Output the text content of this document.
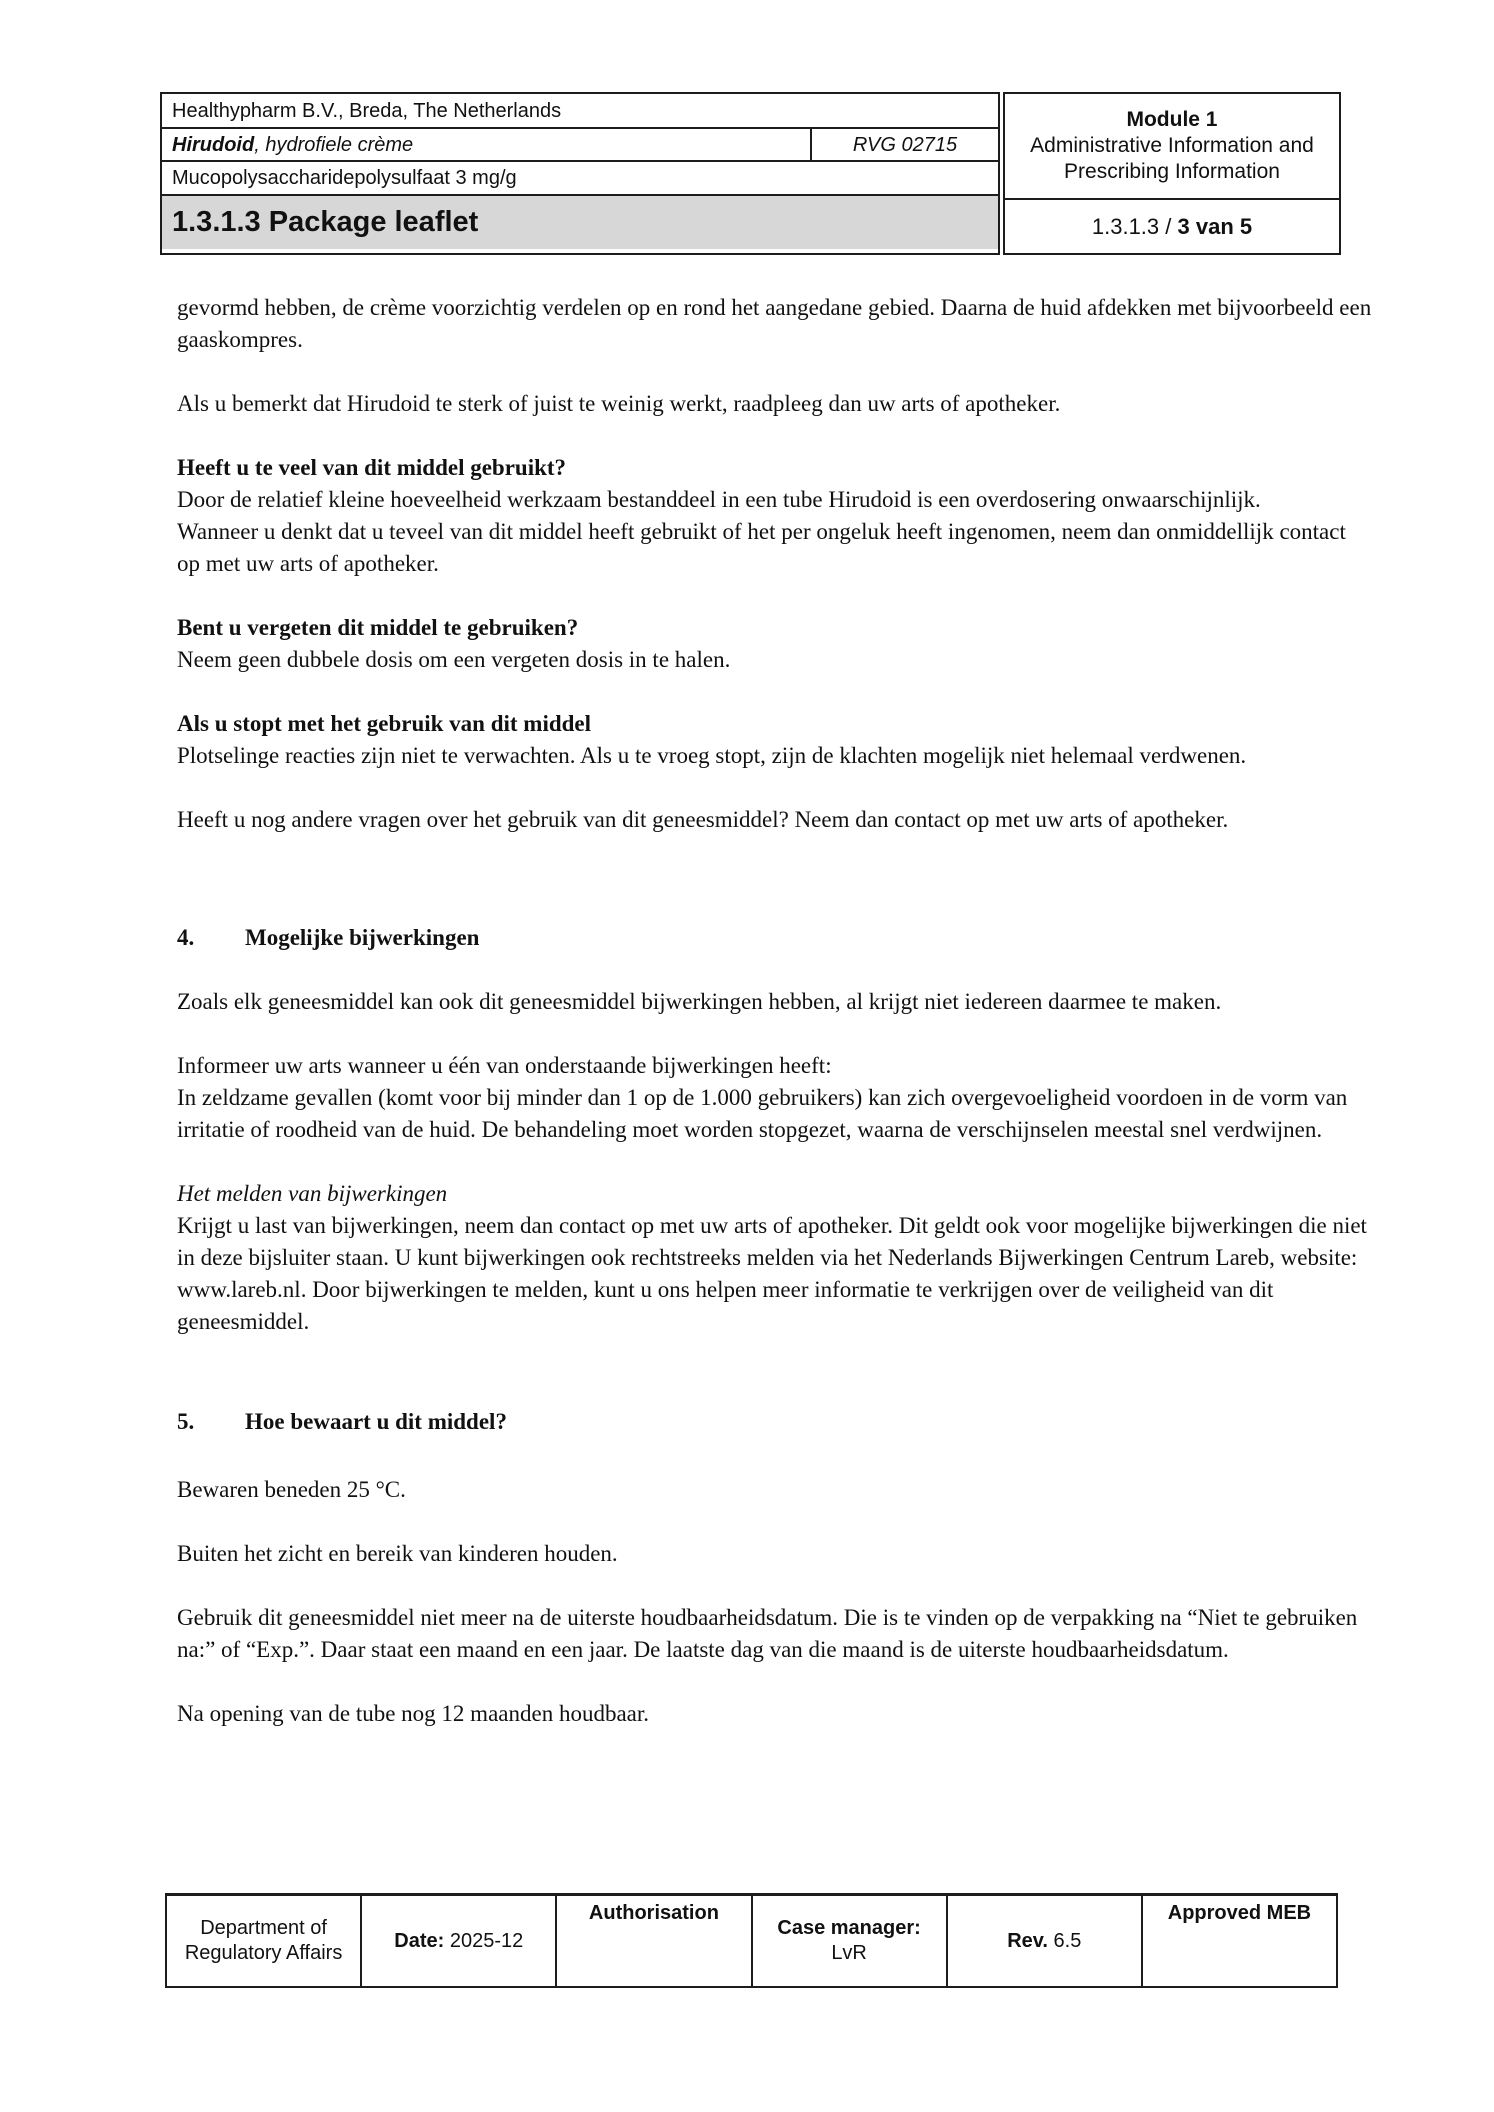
Healthypharm B.V., Breda, The Netherlands
Hirudoid , hydrofiele crème	RVG 02715
Mucopolysaccharidepolysulfaat 3 mg/g
1.3.1.3 Package leaflet
Module 1
Administrative Information and
Prescribing Information
1.3.1.3 /
3 van 5

gevormd hebben, de crème voorzichtig verdelen op en rond het aangedane gebied. Daarna de huid afdekken met bijvoorbeeld een gaaskompres.

Als u bemerkt dat Hirudoid te sterk of juist te weinig werkt, raadpleeg dan uw arts of apotheker.

Heeft u te veel van dit middel gebruikt?

Door de relatief kleine hoeveelheid werkzaam bestanddeel in een tube Hirudoid is een overdosering onwaarschijnlijk.

Wanneer u denkt dat u teveel van dit middel heeft gebruikt of het per ongeluk heeft ingenomen, neem dan onmiddellijk contact op met uw arts of apotheker.

Bent u vergeten dit middel te gebruiken?

Neem geen dubbele dosis om een vergeten dosis in te halen.

Als u stopt met het gebruik van dit middel

Plotselinge reacties zijn niet te verwachten. Als u te vroeg stopt, zijn de klachten mogelijk niet helemaal verdwenen.

Heeft u nog andere vragen over het gebruik van dit geneesmiddel? Neem dan contact op met uw arts of apotheker.

4. Mogelijke bijwerkingen

Zoals elk geneesmiddel kan ook dit geneesmiddel bijwerkingen hebben, al krijgt niet iedereen daarmee te maken.

Informeer uw arts wanneer u één van onderstaande bijwerkingen heeft:

In zeldzame gevallen (komt voor bij minder dan 1 op de 1.000 gebruikers) kan zich overgevoeligheid voordoen in de vorm van irritatie of roodheid van de huid. De behandeling moet worden stopgezet, waarna de verschijnselen meestal snel verdwijnen.

Het melden van bijwerkingen

Krijgt u last van bijwerkingen, neem dan contact op met uw arts of apotheker. Dit geldt ook voor mogelijke bijwerkingen die niet in deze bijsluiter staan. U kunt bijwerkingen ook rechtstreeks melden via het Nederlands Bijwerkingen Centrum Lareb, website: www.lareb.nl. Door bijwerkingen te melden, kunt u ons helpen meer informatie te verkrijgen over de veiligheid van dit geneesmiddel.

5. Hoe bewaart u dit middel?

Bewaren beneden 25 °C.

Buiten het zicht en bereik van kinderen houden.

Gebruik dit geneesmiddel niet meer na de uiterste houdbaarheidsdatum. Die is te vinden op de verpakking na “Niet te gebruiken na:” of “Exp.”. Daar staat een maand en een jaar. De laatste dag van die maand is de uiterste houdbaarheidsdatum.

Na opening van de tube nog 12 maanden houdbaar.

Department of Regulatory Affairs
Date: 2025-12
Authorisation
Case manager:
LvR
Rev. 6.5
Approved MEB
